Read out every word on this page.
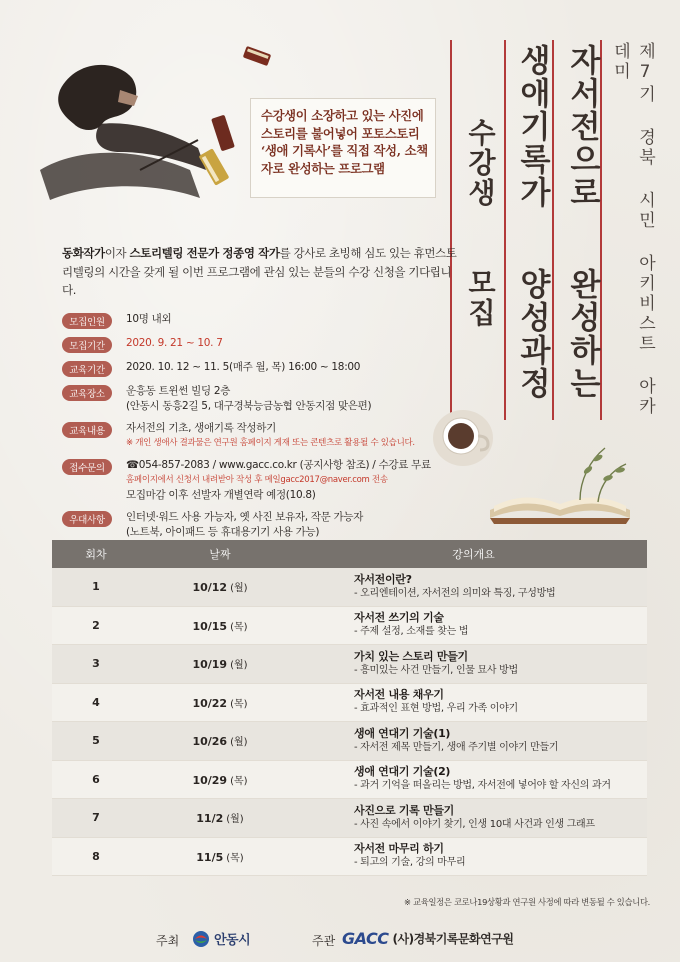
제7기 경북 시민 아키비스트 아카데미
자서전으로
완성하는
생애기록가
양성과정
수강생
모집

수강생이 소장하고 있는 사진에 스토리를 불어넣어 포토스토리 ‘생애 기록사’를 직접 작성, 소책자로 완성하는 프로그램

동화작가이자 스토리텔링 전문가 정종영 작가를 강사로 초빙해 심도 있는 휴먼스토리텔링의 시간을 갖게 될 이번 프로그램에 관심 있는 분들의 수강 신청을 기다립니다.

모집인원	10명 내외
모집기간	2020. 9. 21 ~ 10. 7
교육기간	2020. 10. 12 ~ 11. 5(매주 월, 목) 16:00 ~ 18:00
교육장소	운흥동 트윈썬 빌딩 2층
(안동시 동흥2길 5, 대구경북능금농협 안동지점 맞은편)
교육내용	자서전의 기초, 생애기록 작성하기
※ 개인 생애사 결과물은 연구원 홈페이지 게재 또는 콘텐츠로 활용될 수 있습니다.
접수문의	☎054-857-2083 / www.gacc.co.kr (공지사항 참조) / 수강료 무료
홈페이지에서 신청서 내려받아 작성 후 메일gacc2017@naver.com 전송
모집마감 이후 선발자 개별연락 예정(10.8)
우대사항	인터넷·워드 사용 가능자, 옛 사진 보유자, 작문 가능자
(노트북, 아이패드 등 휴대용기기 사용 가능)
회차	날짜	강의개요
1	10/12 (월)
자서전이란?
- 오리엔테이션, 자서전의 의미와 특징, 구성방법
2	10/15 (목)
자서전 쓰기의 기술
- 주제 설정, 소재를 찾는 법
3	10/19 (월)
가치 있는 스토리 만들기
- 흥미있는 사건 만들기, 인물 묘사 방법
4	10/22 (목)
자서전 내용 채우기
- 효과적인 표현 방법, 우리 가족 이야기
5	10/26 (월)
생애 연대기 기술(1)
- 자서전 제목 만들기, 생애 주기별 이야기 만들기
6	10/29 (목)
생애 연대기 기술(2)
- 과거 기억을 떠올리는 방법, 자서전에 넣어야 할 자신의 과거
7	11/2 (월)
사진으로 기록 만들기
- 사진 속에서 이야기 찾기, 인생 10대 사건과 인생 그래프
8	11/5 (목)
자서전 마무리 하기
- 퇴고의 기술, 강의 마무리
※ 교육일정은 코로나19상황과 연구원 사정에 따라 변동될 수 있습니다.
주최	안동시	주관 GACC (사)경북기록문화연구원
